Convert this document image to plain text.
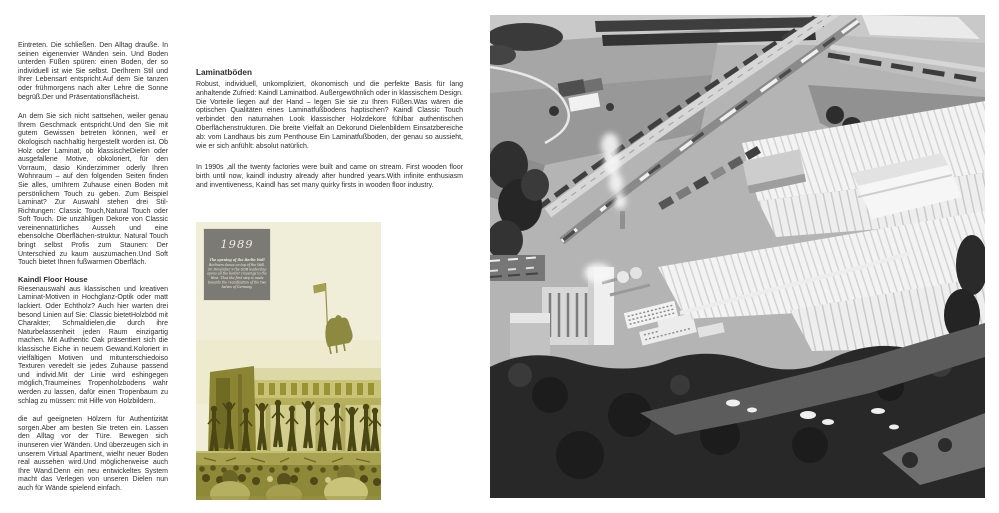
Eintreten. Die schließen. Den Alltag drauße. In seinen eigenenvier Wänden sein. Und Boden unterden Füßen spüren: einen Boden, der so individuell ist wie Sie selbst. Derlhrem Stil und Ihrer Lebensart entspricht.Auf dem Sie tanzen oder frühmorgens nach alter Lehre die Sonne begrüß.Der und Präsentationsflächeist.

An dem Sie sich nicht sattsehen, weiler genau Ihrem Geschmack entspricht.Und den Sie mit gutem Gewissen betreten können, weil er ökologisch nachhaltig hergestellt worden ist. Ob Holz oder Laminat, ob klassischeDielen oder ausgefallene Motive, obkoloriert, für den Vorraum, dasio Kinderzimmer oderly Ihren Wohnraum – auf den folgenden Seiten finden Sie alles, umIhrem Zuhause einen Boden mit persönlichem Touch zu geben. Zum Beispiel Laminat? Zur Auswahl stehen drei Stil-Richtungen: Classic Touch,Natural Touch oder Soft Touch. Die unzähligen Dekore von Classic vereinennatürliches Ausseh und eine ebensolche Oberflächen-struktur. Natural Touch bringt selbst Profis zum Staunen: Der Unterschied zu kaum auszumachen.Und Soft Touch bietet Ihnen fußwarmen Oberfläch.

Kaindl Floor House

Riesenauswahl aus klassischen und kreativen Laminat-Motiven in Hochglanz-Optik oder matt lackiert. Oder Echtholz? Auch hier warten drei besond Linien auf Sie: Classic bietetHolzböd mit Charakter; Schmaldielen,die durch ihre Naturbelassenheit jeden Raum einzigartig machen. Mit Authentic Oak präsentiert sich die klassische Eiche in neuem Gewand.Koloriert in vielfältigen Motiven und mitunterschiedoiso Texturen veredelt sie jedes Zuhause passend und individ.Mit der Linie wird eshingegen möglich,Traumeines Tropenholzbodens wahr werden zu lassen, dafür einen Tropenbaum zu schlag zu müssen: mit Hilfe von Holzbildern.

die auf geeigneten Hölzern für Authentizität sorgen.Aber am besten Sie treten ein. Lassen den Alltag vor der Türe. Bewegen sich inunseren vier Wänden. Und überzeugen sich in unserem Virtual Apartment, wielhr neuer Boden real aussehen wird.Und möglicherweise auch Ihre Wand.Denn ein neu entwickeltes System macht das Verlegen von unseren Dielen nun auch für Wände spielend einfach.

Laminatböden

Robust, individuell, unkompliziert, ökonomisch und die perfekte Basis für lang anhaltende Zufried: Kaindl Laminatbod. Außergewöhnlich oder in klassischem Design. Die Vorteile liegen auf der Hand – legen Sie sie zu Ihren Füßen.Was wären die optischen Qualitäten eines Laminatfußbodens haptischen? Kaindl Classic Touch verbindet den naturnahen Look klassischer Holzdekore fühlbar authentischen Oberflächenstrukturen. Die breite Vielfalt an Dekorund Dielenbildern Einsatzbereiche ab: vom Landhaus bis zum Penthouse Ein Laminatfußboden, der genau so aussieht, wie er sich anfühlt: absolut natürlich.

In 1990s ,all the twenty factories were built and came on stream. First wooden floor birth until now, kaindl industry already after hundred years.With infinite enthusiasm and inventiveness, Kaindl has set many quirky firsts in wooden floor industry.

1989
The opening of the Berlin Wall
Berliners dance on top of the Wall. On November 9 the GDR leadership opens all the border crossings to the West. Thus the first step is made towards the reunification of the two halves of Germany.
